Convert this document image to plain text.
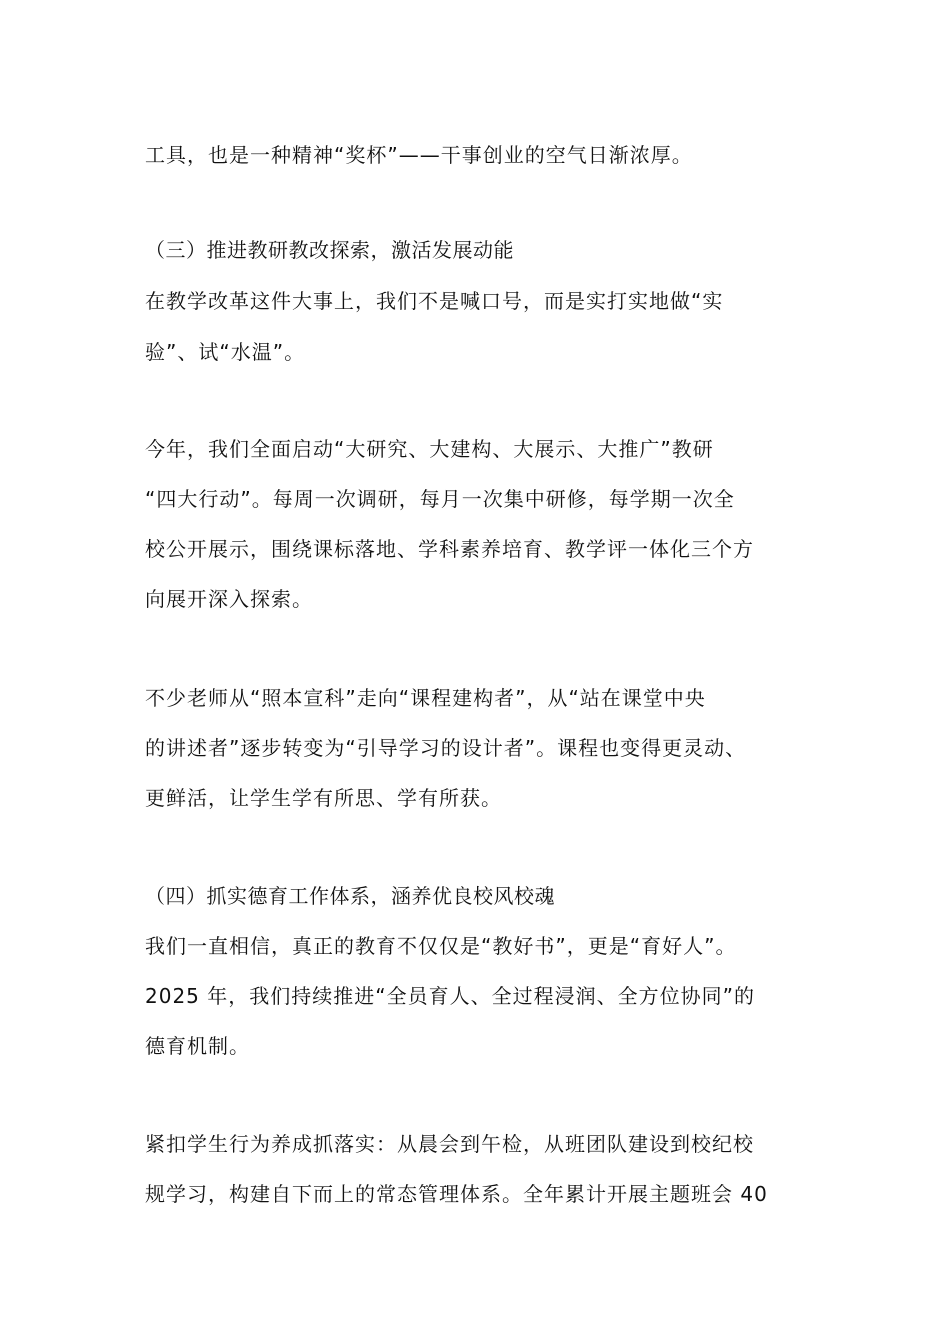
工具，也是一种精神“奖杯”——干事创业的空气日渐浓厚。
（三）推进教研教改探索，激活发展动能
在教学改革这件大事上，我们不是喊口号，而是实打实地做“实
验”、试“水温”。
今年，我们全面启动“大研究、大建构、大展示、大推广”教研
“四大行动”。每周一次调研，每月一次集中研修，每学期一次全
校公开展示，围绕课标落地、学科素养培育、教学评一体化三个方
向展开深入探索。
不少老师从“照本宣科”走向“课程建构者”，从“站在课堂中央
的讲述者”逐步转变为“引导学习的设计者”。课程也变得更灵动、
更鲜活，让学生学有所思、学有所获。
（四）抓实德育工作体系，涵养优良校风校魂
我们一直相信，真正的教育不仅仅是“教好书”，更是“育好人”。
2025 年，我们持续推进“全员育人、全过程浸润、全方位协同”的
德育机制。
紧扣学生行为养成抓落实：从晨会到午检，从班团队建设到校纪校
规学习，构建自下而上的常态管理体系。全年累计开展主题班会 40
